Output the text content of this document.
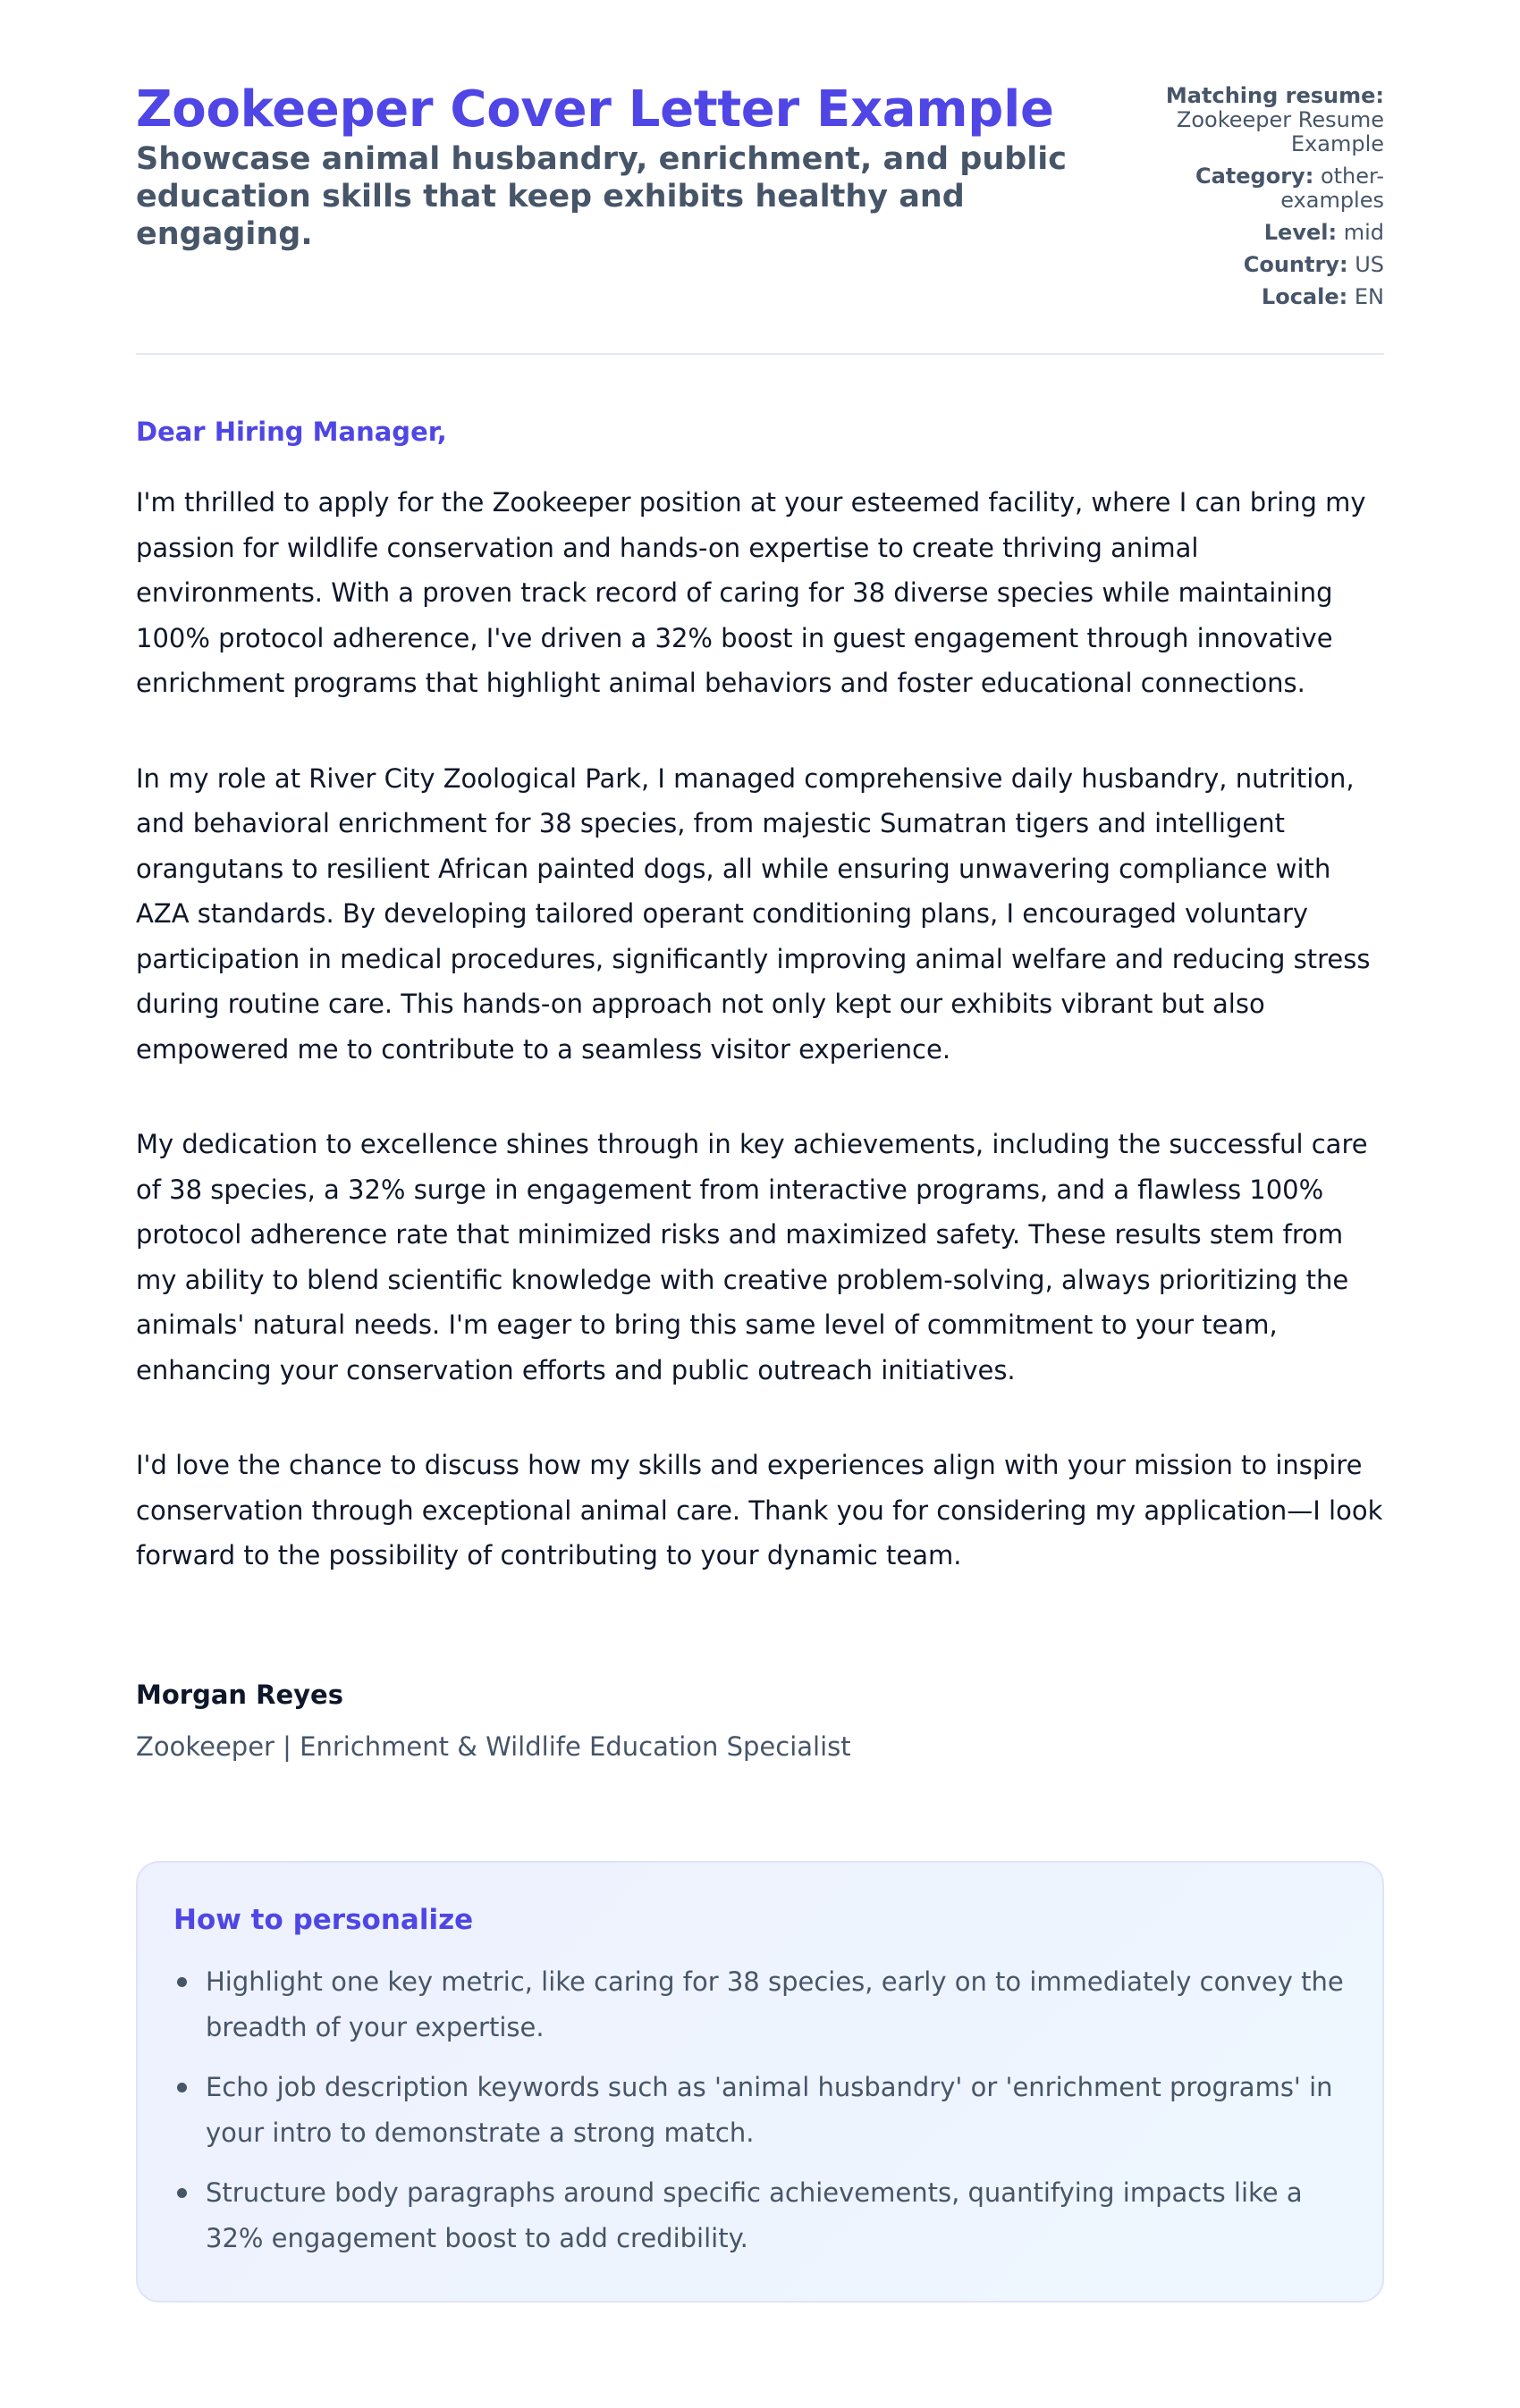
Zookeeper Cover Letter Example
Showcase animal husbandry, enrichment, and public education skills that keep exhibits healthy and engaging.
Matching resume:
Zookeeper Resume Example
Category: other-examples
Level: mid
Country: US
Locale: EN

Dear Hiring Manager,

I'm thrilled to apply for the Zookeeper position at your esteemed facility, where I can bring my passion for wildlife conservation and hands-on expertise to create thriving animal environments. With a proven track record of caring for 38 diverse species while maintaining 100% protocol adherence, I've driven a 32% boost in guest engagement through innovative enrichment programs that highlight animal behaviors and foster educational connections.

In my role at River City Zoological Park, I managed comprehensive daily husbandry, nutrition, and behavioral enrichment for 38 species, from majestic Sumatran tigers and intelligent orangutans to resilient African painted dogs, all while ensuring unwavering compliance with AZA standards. By developing tailored operant conditioning plans, I encouraged voluntary participation in medical procedures, significantly improving animal welfare and reducing stress during routine care. This hands-on approach not only kept our exhibits vibrant but also empowered me to contribute to a seamless visitor experience.

My dedication to excellence shines through in key achievements, including the successful care of 38 species, a 32% surge in engagement from interactive programs, and a flawless 100% protocol adherence rate that minimized risks and maximized safety. These results stem from my ability to blend scientific knowledge with creative problem-solving, always prioritizing the animals' natural needs. I'm eager to bring this same level of commitment to your team, enhancing your conservation efforts and public outreach initiatives.

I'd love the chance to discuss how my skills and experiences align with your mission to inspire conservation through exceptional animal care. Thank you for considering my application—I look forward to the possibility of contributing to your dynamic team.

Morgan Reyes
Zookeeper | Enrichment & Wildlife Education Specialist
How to personalize
Highlight one key metric, like caring for 38 species, early on to immediately convey the breadth of your expertise.
Echo job description keywords such as 'animal husbandry' or 'enrichment programs' in your intro to demonstrate a strong match.
Structure body paragraphs around specific achievements, quantifying impacts like a 32% engagement boost to add credibility.
